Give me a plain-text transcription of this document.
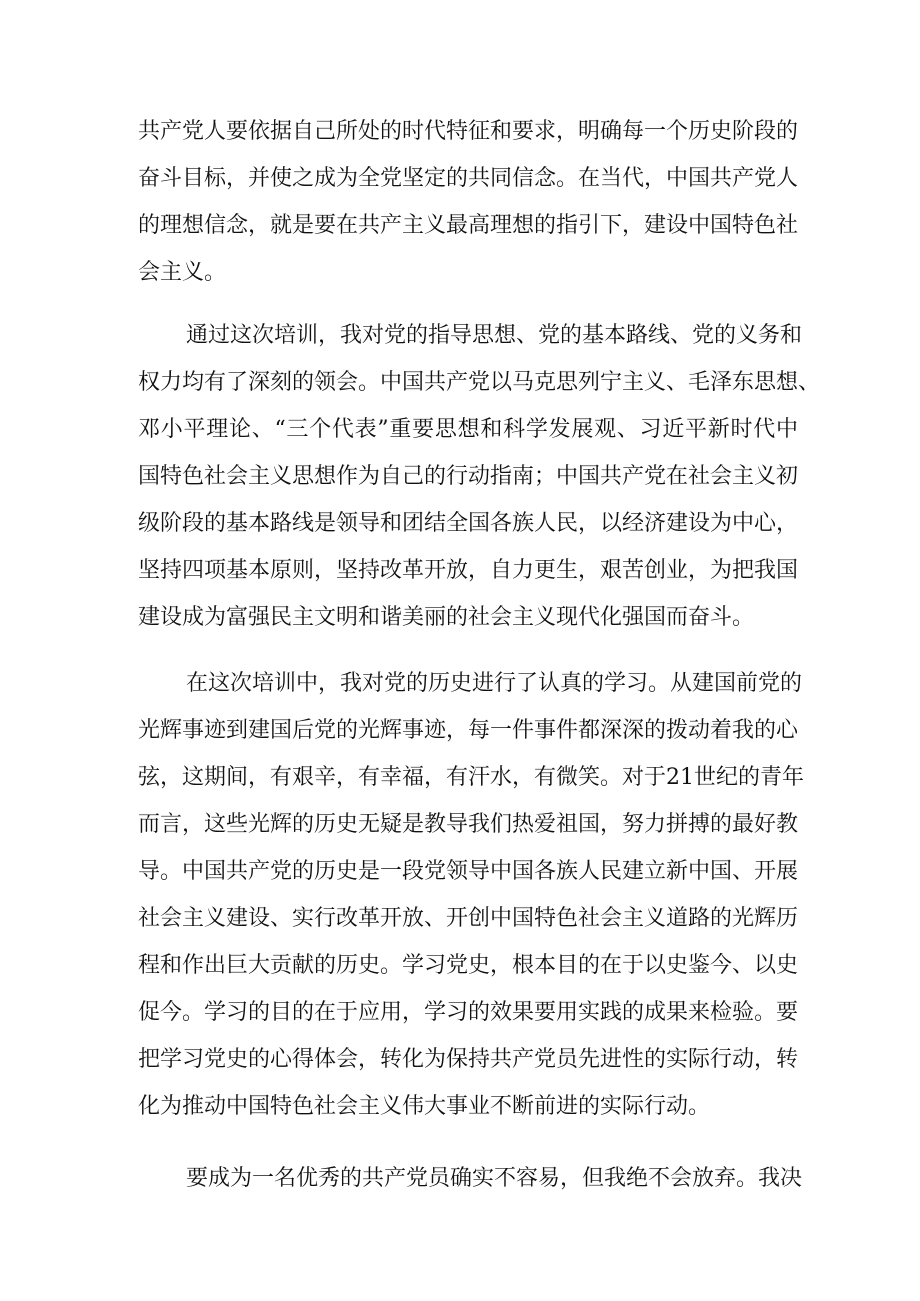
共产党人要依据自己所处的时代特征和要求，明确每一个历史阶段的
奋斗目标，并使之成为全党坚定的共同信念。在当代，中国共产党人
的理想信念，就是要在共产主义最高理想的指引下，建设中国特色社
会主义。
通过这次培训，我对党的指导思想、党的基本路线、党的义务和
权力均有了深刻的领会。中国共产党以马克思列宁主义、毛泽东思想、
邓小平理论、“三个代表”重要思想和科学发展观、习近平新时代中
国特色社会主义思想作为自己的行动指南；中国共产党在社会主义初
级阶段的基本路线是领导和团结全国各族人民，以经济建设为中心，
坚持四项基本原则，坚持改革开放，自力更生，艰苦创业，为把我国
建设成为富强民主文明和谐美丽的社会主义现代化强国而奋斗。
在这次培训中，我对党的历史进行了认真的学习。从建国前党的
光辉事迹到建国后党的光辉事迹，每一件事件都深深的拨动着我的心
弦，这期间，有艰辛，有幸福，有汗水，有微笑。对于21世纪的青年
而言，这些光辉的历史无疑是教导我们热爱祖国，努力拼搏的最好教
导。中国共产党的历史是一段党领导中国各族人民建立新中国、开展
社会主义建设、实行改革开放、开创中国特色社会主义道路的光辉历
程和作出巨大贡献的历史。学习党史，根本目的在于以史鉴今、以史
促今。学习的目的在于应用，学习的效果要用实践的成果来检验。要
把学习党史的心得体会，转化为保持共产党员先进性的实际行动，转
化为推动中国特色社会主义伟大事业不断前进的实际行动。
要成为一名优秀的共产党员确实不容易，但我绝不会放弃。我决
